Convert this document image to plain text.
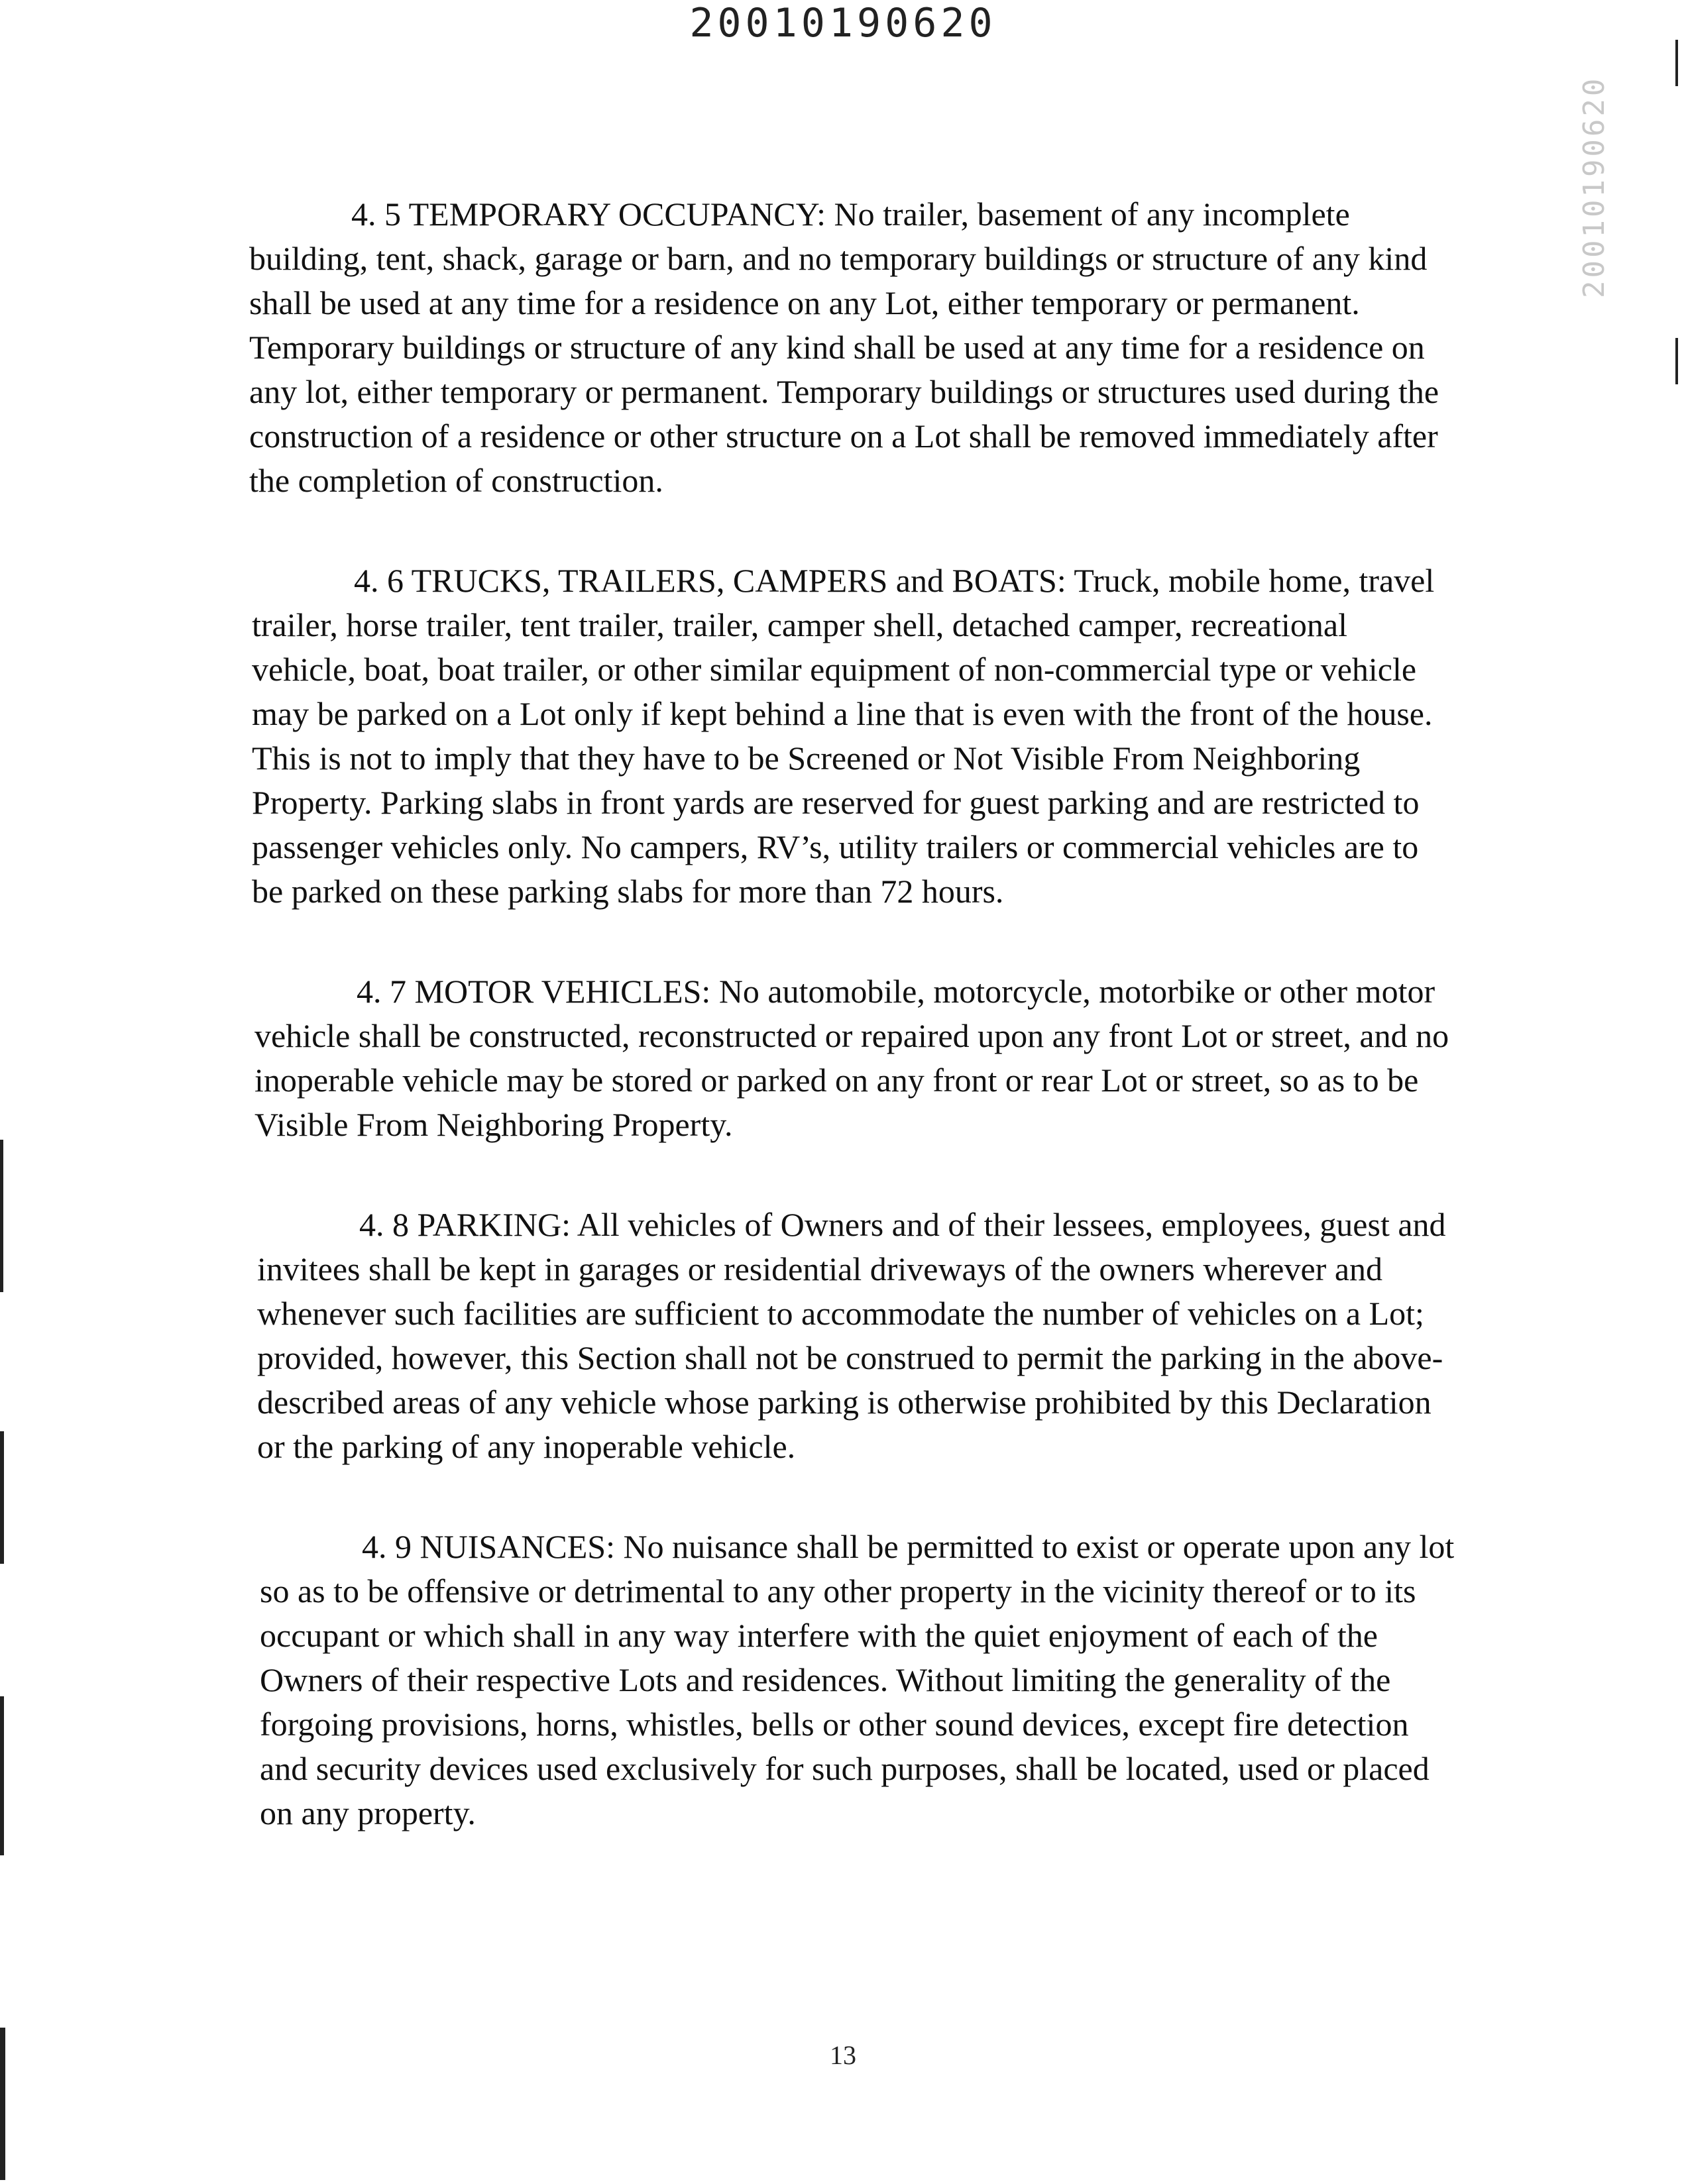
20010190620
20010190620
4. 5 TEMPORARY OCCUPANCY: No trailer, basement of any incomplete building, tent, shack, garage or barn, and no temporary buildings or structure of any kind shall be used at any time for a residence on any Lot, either temporary or permanent. Temporary buildings or structure of any kind shall be used at any time for a residence on any lot, either temporary or permanent. Temporary buildings or structures used during the construction of a residence or other structure on a Lot shall be removed immediately after the completion of construction.
4. 6 TRUCKS, TRAILERS, CAMPERS and BOATS: Truck, mobile home, travel trailer, horse trailer, tent trailer, trailer, camper shell, detached camper, recreational vehicle, boat, boat trailer, or other similar equipment of non-commercial type or vehicle may be parked on a Lot only if kept behind a line that is even with the front of the house. This is not to imply that they have to be Screened or Not Visible From Neighboring Property. Parking slabs in front yards are reserved for guest parking and are restricted to passenger vehicles only. No campers, RV’s, utility trailers or commercial vehicles are to be parked on these parking slabs for more than 72 hours.
4. 7 MOTOR VEHICLES: No automobile, motorcycle, motorbike or other motor vehicle shall be constructed, reconstructed or repaired upon any front Lot or street, and no inoperable vehicle may be stored or parked on any front or rear Lot or street, so as to be Visible From Neighboring Property.
4. 8 PARKING: All vehicles of Owners and of their lessees, employees, guest and invitees shall be kept in garages or residential driveways of the owners wherever and whenever such facilities are sufficient to accommodate the number of vehicles on a Lot; provided, however, this Section shall not be construed to permit the parking in the above-described areas of any vehicle whose parking is otherwise prohibited by this Declaration or the parking of any inoperable vehicle.
4. 9 NUISANCES: No nuisance shall be permitted to exist or operate upon any lot so as to be offensive or detrimental to any other property in the vicinity thereof or to its occupant or which shall in any way interfere with the quiet enjoyment of each of the Owners of their respective Lots and residences. Without limiting the generality of the forgoing provisions, horns, whistles, bells or other sound devices, except fire detection and security devices used exclusively for such purposes, shall be located, used or placed on any property.
13
